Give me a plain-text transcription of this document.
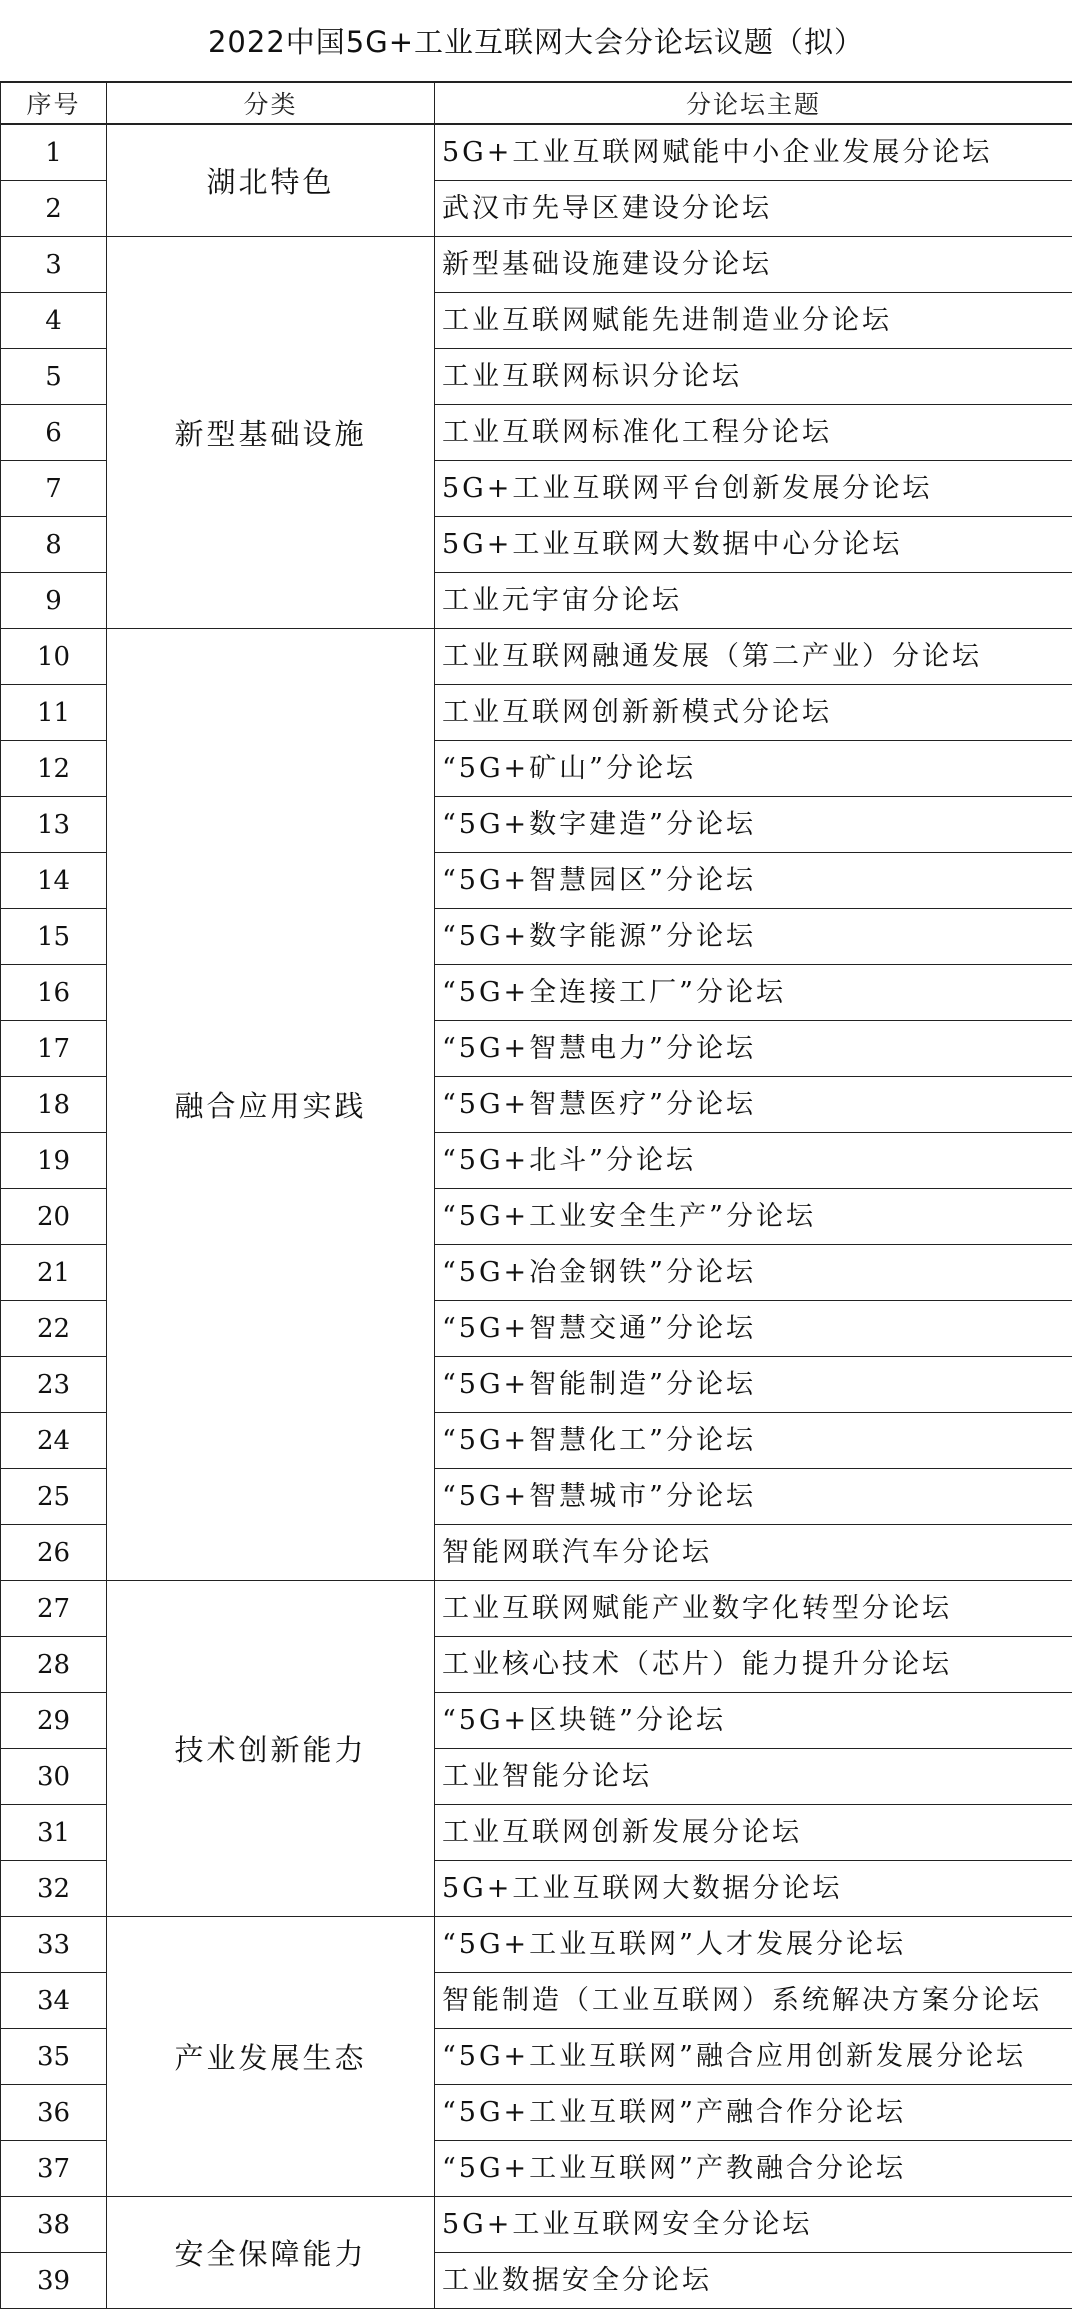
2022中国5G+工业互联网大会分论坛议题（拟）
序号	分类	分论坛主题
1	湖北特色	5G+工业互联网赋能中小企业发展分论坛

2		武汉市先导区建设分论坛

3	新型基础设施	新型基础设施建设分论坛

4		工业互联网赋能先进制造业分论坛

5		工业互联网标识分论坛

6		工业互联网标准化工程分论坛

7		5G+工业互联网平台创新发展分论坛

8		5G+工业互联网大数据中心分论坛

9		工业元宇宙分论坛

10	融合应用实践	工业互联网融通发展（第二产业）分论坛

11		工业互联网创新新模式分论坛

12		“5G+矿山”分论坛

13		“5G+数字建造”分论坛

14		“5G+智慧园区”分论坛

15		“5G+数字能源”分论坛

16		“5G+全连接工厂”分论坛

17		“5G+智慧电力”分论坛

18		“5G+智慧医疗”分论坛

19		“5G+北斗”分论坛

20		“5G+工业安全生产”分论坛

21		“5G+冶金钢铁”分论坛

22		“5G+智慧交通”分论坛

23		“5G+智能制造”分论坛

24		“5G+智慧化工”分论坛

25		“5G+智慧城市”分论坛

26		智能网联汽车分论坛

27	技术创新能力	工业互联网赋能产业数字化转型分论坛

28		工业核心技术（芯片）能力提升分论坛

29		“5G+区块链”分论坛

30		工业智能分论坛

31		工业互联网创新发展分论坛

32		5G+工业互联网大数据分论坛

33	产业发展生态	“5G+工业互联网”人才发展分论坛

34		智能制造（工业互联网）系统解决方案分论坛

35		“5G+工业互联网”融合应用创新发展分论坛

36		“5G+工业互联网”产融合作分论坛

37		“5G+工业互联网”产教融合分论坛

38	安全保障能力	5G+工业互联网安全分论坛

39		工业数据安全分论坛
